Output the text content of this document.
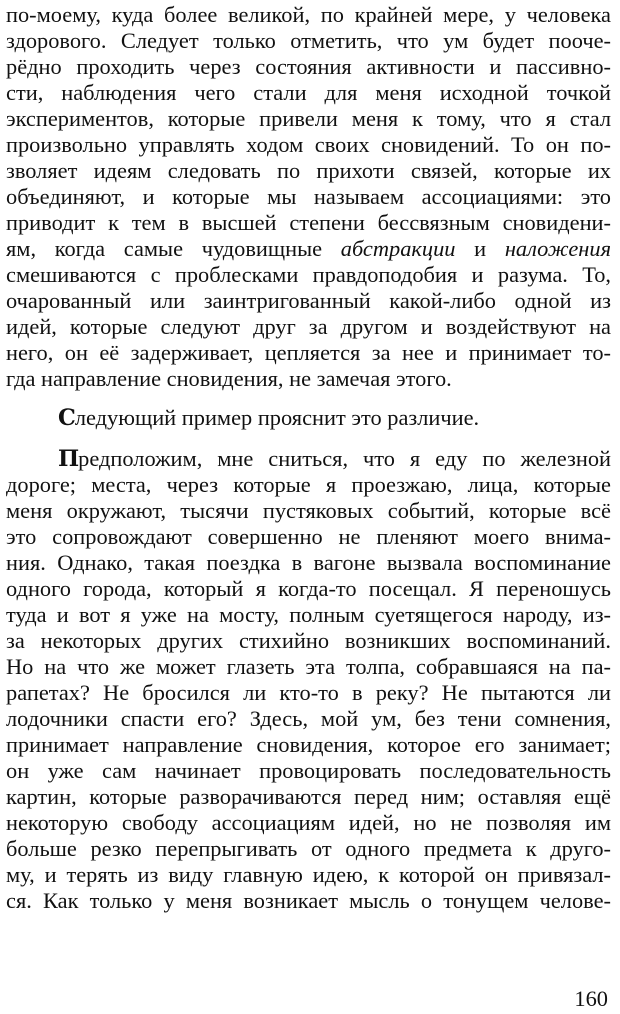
по-моему, куда более великой, по крайней мере, у человека
здорового. Следует только отметить, что ум будет поочe-
рёдно проходить через состояния активности и пассивно-
сти, наблюдения чего стали для меня исходной точкой
экспериментов, которые привели меня к тому, что я стал
произвольно управлять ходом своих сновидений. То он по-
зволяет идеям следовать по прихоти связей, которые их
объединяют, и которые мы называем ассоциациями: это
приводит к тем в высшей степени бессвязным сновидени-
ям, когда самые чудовищные абстракции и наложения
смешиваются с проблесками правдоподобия и разума. То,
очарованный или заинтригованный какой-либо одной из
идей, которые следуют друг за другом и воздействуют на
него, он её задерживает, цепляется за нее и принимает то-
гда направление сновидения, не замечая этого.
Следующий пример прояснит это различие.
Предположим, мне сниться, что я еду по железной
дороге; места, через которые я проезжаю, лица, которые
меня окружают, тысячи пустяковых событий, которые всё
это сопровождают совершенно не пленяют моего внима-
ния. Однако, такая поездка в вагоне вызвала воспоминание
одного города, который я когда-то посещал. Я переношусь
туда и вот я уже на мосту, полным суетящегося народу, из-
за некоторых других стихийно возникших воспоминаний.
Но на что же может глазеть эта толпа, собравшаяся на па-
рапетах? Не бросился ли кто-то в реку? Не пытаются ли
лодочники спасти его? Здесь, мой ум, без тени сомнения,
принимает направление сновидения, которое его занимает;
он уже сам начинает провоцировать последовательность
картин, которые разворачиваются перед ним; оставляя ещё
некоторую свободу ассоциациям идей, но не позволяя им
больше резко перепрыгивать от одного предмета к друго-
му, и терять из виду главную идею, к которой он привязал-
ся. Как только у меня возникает мысль о тонущем челове-
160
